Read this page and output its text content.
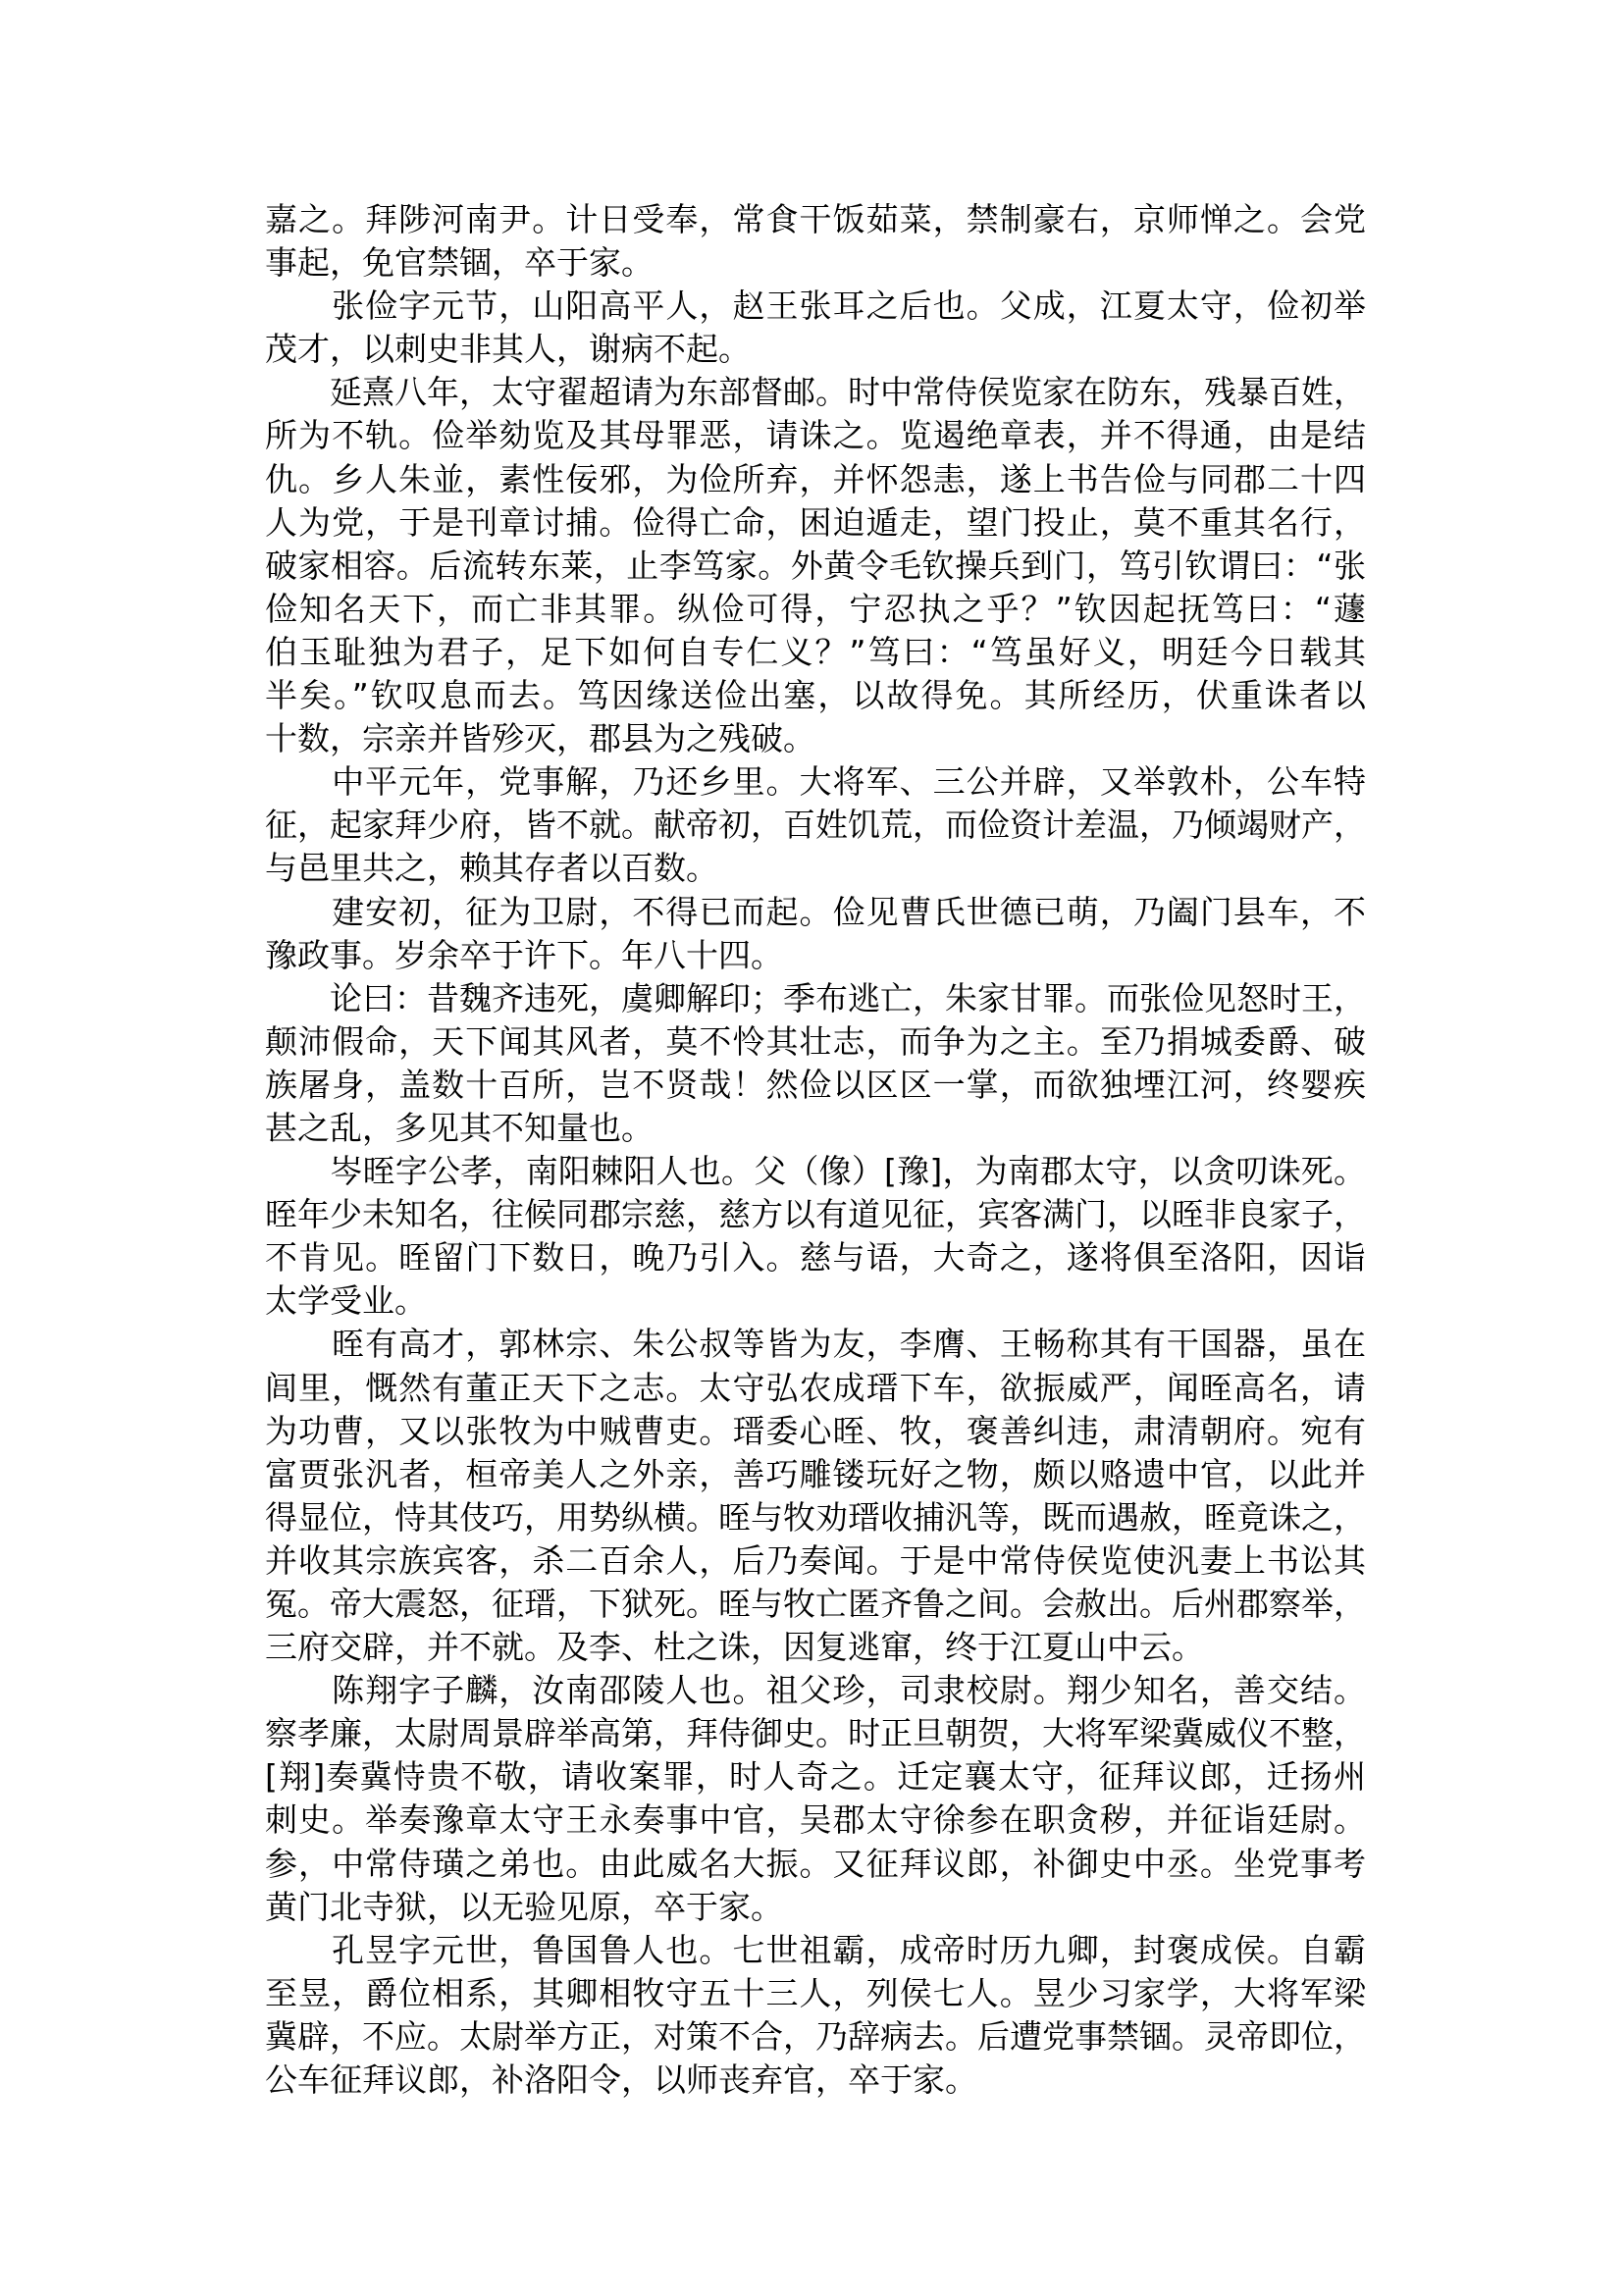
嘉之。拜陟河南尹。计日受奉，常食干饭茹菜，禁制豪右，京师惮之。会党
事起，免官禁锢，卒于家。
　　张俭字元节，山阳高平人，赵王张耳之后也。父成，江夏太守，俭初举
茂才，以刺史非其人，谢病不起。
　　延熹八年，太守翟超请为东部督邮。时中常侍侯览家在防东，残暴百姓，
所为不轨。俭举劾览及其母罪恶，请诛之。览遏绝章表，并不得通，由是结
仇。乡人朱並，素性佞邪，为俭所弃，并怀怨恚，遂上书告俭与同郡二十四
人为党，于是刊章讨捕。俭得亡命，困迫遁走，望门投止，莫不重其名行，
破家相容。后流转东莱，止李笃家。外黄令毛钦操兵到门，笃引钦谓曰：“张
俭知名天下，而亡非其罪。纵俭可得，宁忍执之乎？”钦因起抚笃曰：“蘧
伯玉耻独为君子，足下如何自专仁义？”笃曰：“笃虽好义，明廷今日载其
半矣。”钦叹息而去。笃因缘送俭出塞，以故得免。其所经历，伏重诛者以
十数，宗亲并皆殄灭，郡县为之残破。
　　中平元年，党事解，乃还乡里。大将军、三公并辟，又举敦朴，公车特
征，起家拜少府，皆不就。献帝初，百姓饥荒，而俭资计差温，乃倾竭财产，
与邑里共之，赖其存者以百数。
　　建安初，征为卫尉，不得已而起。俭见曹氏世德已萌，乃阖门县车，不
豫政事。岁余卒于许下。年八十四。
　　论曰：昔魏齐违死，虞卿解印；季布逃亡，朱家甘罪。而张俭见怒时王，
颠沛假命，天下闻其风者，莫不怜其壮志，而争为之主。至乃捐城委爵、破
族屠身，盖数十百所，岂不贤哉！然俭以区区一掌，而欲独堙江河，终婴疾
甚之乱，多见其不知量也。
　　岑晊字公孝，南阳棘阳人也。父（像）[豫]，为南郡太守，以贪叨诛死。
晊年少未知名，往候同郡宗慈，慈方以有道见征，宾客满门，以晊非良家子，
不肯见。晊留门下数日，晚乃引入。慈与语，大奇之，遂将俱至洛阳，因诣
太学受业。
　　晊有高才，郭林宗、朱公叔等皆为友，李膺、王畅称其有干国器，虽在
闾里，慨然有董正天下之志。太守弘农成瑨下车，欲振威严，闻晊高名，请
为功曹，又以张牧为中贼曹吏。瑨委心晊、牧，褒善纠违，肃清朝府。宛有
富贾张汎者，桓帝美人之外亲，善巧雕镂玩好之物，颇以赂遗中官，以此并
得显位，恃其伎巧，用势纵横。晊与牧劝瑨收捕汎等，既而遇赦，晊竟诛之，
并收其宗族宾客，杀二百余人，后乃奏闻。于是中常侍侯览使汎妻上书讼其
冤。帝大震怒，征瑨，下狱死。晊与牧亡匿齐鲁之间。会赦出。后州郡察举，
三府交辟，并不就。及李、杜之诛，因复逃窜，终于江夏山中云。
　　陈翔字子麟，汝南邵陵人也。祖父珍，司隶校尉。翔少知名，善交结。
察孝廉，太尉周景辟举高第，拜侍御史。时正旦朝贺，大将军梁冀威仪不整，
[翔]奏冀恃贵不敬，请收案罪，时人奇之。迁定襄太守，征拜议郎，迁扬州
刺史。举奏豫章太守王永奏事中官，吴郡太守徐参在职贪秽，并征诣廷尉。
参，中常侍璜之弟也。由此威名大振。又征拜议郎，补御史中丞。坐党事考
黄门北寺狱，以无验见原，卒于家。
　　孔昱字元世，鲁国鲁人也。七世祖霸，成帝时历九卿，封褒成侯。自霸
至昱，爵位相系，其卿相牧守五十三人，列侯七人。昱少习家学，大将军梁
冀辟，不应。太尉举方正，对策不合，乃辞病去。后遭党事禁锢。灵帝即位，
公车征拜议郎，补洛阳令，以师丧弃官，卒于家。
